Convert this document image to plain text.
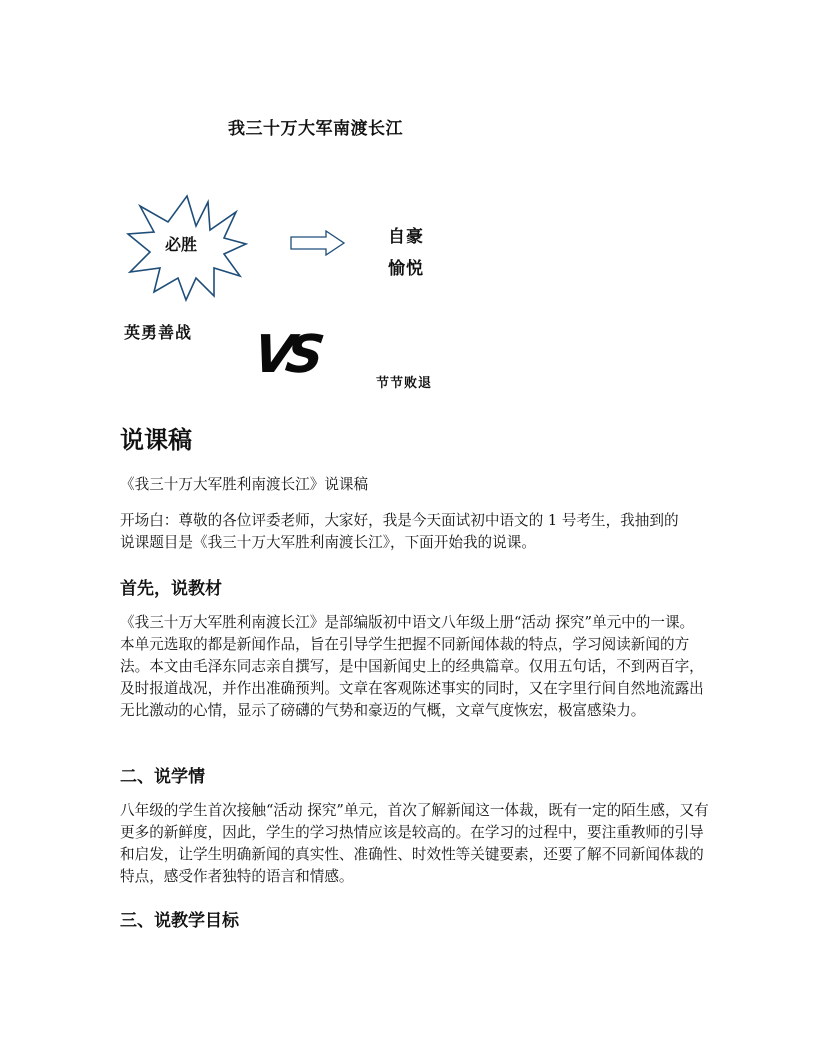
我三十万大军南渡长江
必胜	自豪
愉悦
英勇善战 VS	节节败退
说课稿
《我三十万大军胜利南渡长江》说课稿

开场白：尊敬的各位评委老师，大家好，我是今天面试初中语文的 1 号考生，我抽到的说课题目是《我三十万大军胜利南渡长江》，下面开始我的说课。

首先，说教材

《我三十万大军胜利南渡长江》是部编版初中语文八年级上册“活动 探究”单元中的一课。本单元选取的都是新闻作品，旨在引导学生把握不同新闻体裁的特点，学习阅读新闻的方法。本文由毛泽东同志亲自撰写，是中国新闻史上的经典篇章。仅用五句话，不到两百字，及时报道战况，并作出准确预判。文章在客观陈述事实的同时，又在字里行间自然地流露出无比激动的心情，显示了磅礴的气势和豪迈的气概，文章气度恢宏，极富感染力。

二、说学情

八年级的学生首次接触“活动 探究”单元，首次了解新闻这一体裁，既有一定的陌生感，又有更多的新鲜度，因此，学生的学习热情应该是较高的。在学习的过程中，要注重教师的引导和启发，让学生明确新闻的真实性、准确性、时效性等关键要素，还要了解不同新闻体裁的特点，感受作者独特的语言和情感。

三、说教学目标
